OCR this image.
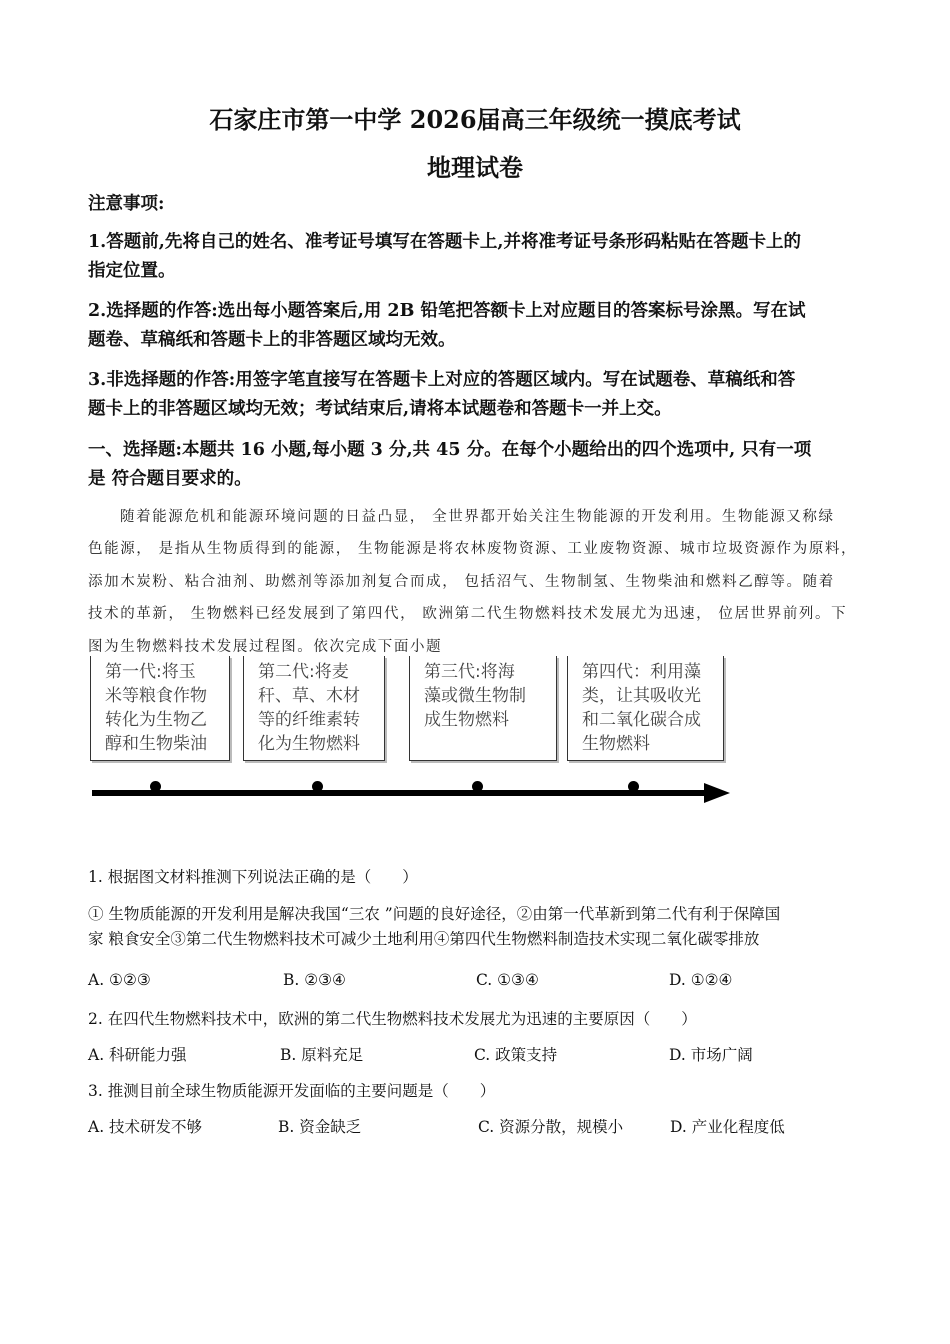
石家庄市第一中学 2026届高三年级统一摸底考试
地理试卷
注意事项:
1.答题前,先将自己的姓名、准考证号填写在答题卡上,并将准考证号条形码粘贴在答题卡上的
指定位置。
2.选择题的作答:选出每小题答案后,用 2B 铅笔把答额卡上对应题目的答案标号涂黑。写在试
题卷、草稿纸和答题卡上的非答题区域均无效。
3.非选择题的作答:用签字笔直接写在答题卡上对应的答题区域内。写在试题卷、草稿纸和答
题卡上的非答题区域均无效；考试结束后,请将本试题卷和答题卡一并上交。
一、选择题:本题共 16 小题,每小题 3 分,共 45 分。在每个小题给出的四个选项中, 只有一项
是 符合题目要求的。
随着能源危机和能源环境问题的日益凸显， 全世界都开始关注生物能源的开发利用。生物能源又称绿
色能源， 是指从生物质得到的能源， 生物能源是将农林废物资源、工业废物资源、城市垃圾资源作为原料，
添加木炭粉、粘合油剂、助燃剂等添加剂复合而成， 包括沼气、生物制氢、生物柴油和燃料乙醇等。随着
技术的革新， 生物燃料已经发展到了第四代， 欧洲第二代生物燃料技术发展尤为迅速， 位居世界前列。下
图为生物燃料技术发展过程图。依次完成下面小题
第一代:将玉
米等粮食作物
转化为生物乙
醇和生物柴油
第二代:将麦
秆、草、木材
等的纤维素转
化为生物燃料
第三代:将海
藻或微生物制
成生物燃料
第四代：利用藻
类，让其吸收光
和二氧化碳合成
生物燃料
1. 根据图文材料推测下列说法正确的是（　　）
① 生物质能源的开发利用是解决我国“三农 ”问题的良好途径，②由第一代革新到第二代有利于保障国
家 粮食安全③第二代生物燃料技术可减少土地利用④第四代生物燃料制造技术实现二氧化碳零排放
A. ①②③	B. ②③④	C. ①③④	D. ①②④
2. 在四代生物燃料技术中，欧洲的第二代生物燃料技术发展尤为迅速的主要原因（　　）
A. 科研能力强	B. 原料充足	C. 政策支持	D. 市场广阔
3. 推测目前全球生物质能源开发面临的主要问题是（　　）
A. 技术研发不够	B. 资金缺乏	C. 资源分散，规模小	D. 产业化程度低
